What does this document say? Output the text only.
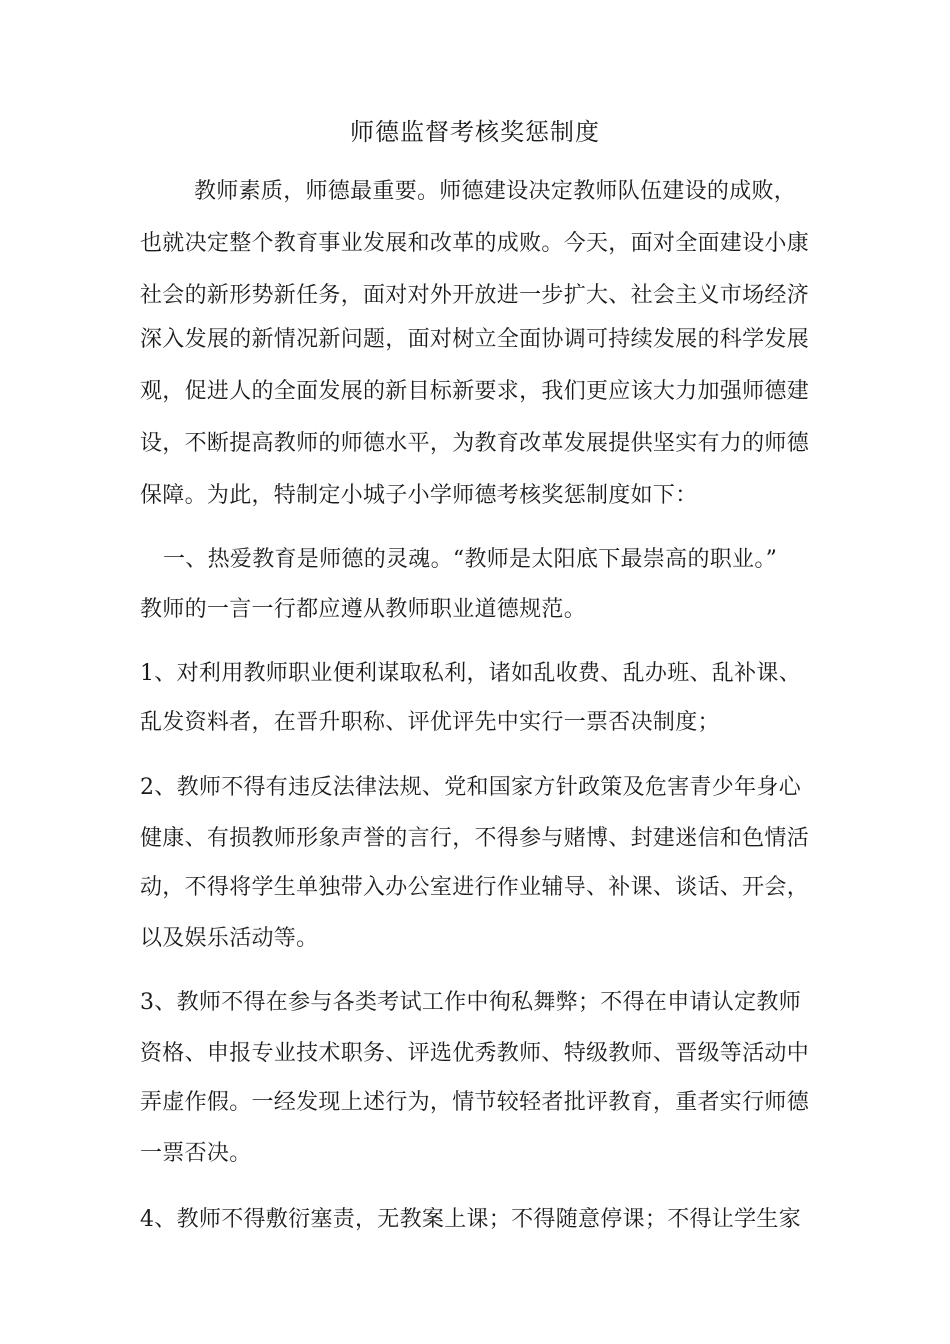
师德监督考核奖惩制度
教师素质，师德最重要。师德建设决定教师队伍建设的成败，
也就决定整个教育事业发展和改革的成败。今天，面对全面建设小康
社会的新形势新任务，面对对外开放进一步扩大、社会主义市场经济
深入发展的新情况新问题，面对树立全面协调可持续发展的科学发展
观，促进人的全面发展的新目标新要求，我们更应该大力加强师德建
设，不断提高教师的师德水平，为教育改革发展提供坚实有力的师德
保障。为此，特制定小城子小学师德考核奖惩制度如下：
一、热爱教育是师德的灵魂。“教师是太阳底下最崇高的职业。”
教师的一言一行都应遵从教师职业道德规范。
1、对利用教师职业便利谋取私利，诸如乱收费、乱办班、乱补课、
乱发资料者，在晋升职称、评优评先中实行一票否决制度；
2、教师不得有违反法律法规、党和国家方针政策及危害青少年身心
健康、有损教师形象声誉的言行，不得参与赌博、封建迷信和色情活
动，不得将学生单独带入办公室进行作业辅导、补课、谈话、开会，
以及娱乐活动等。
3、教师不得在参与各类考试工作中徇私舞弊；不得在申请认定教师
资格、申报专业技术职务、评选优秀教师、特级教师、晋级等活动中
弄虚作假。一经发现上述行为，情节较轻者批评教育，重者实行师德
一票否决。
4、教师不得敷衍塞责，无教案上课；不得随意停课；不得让学生家
